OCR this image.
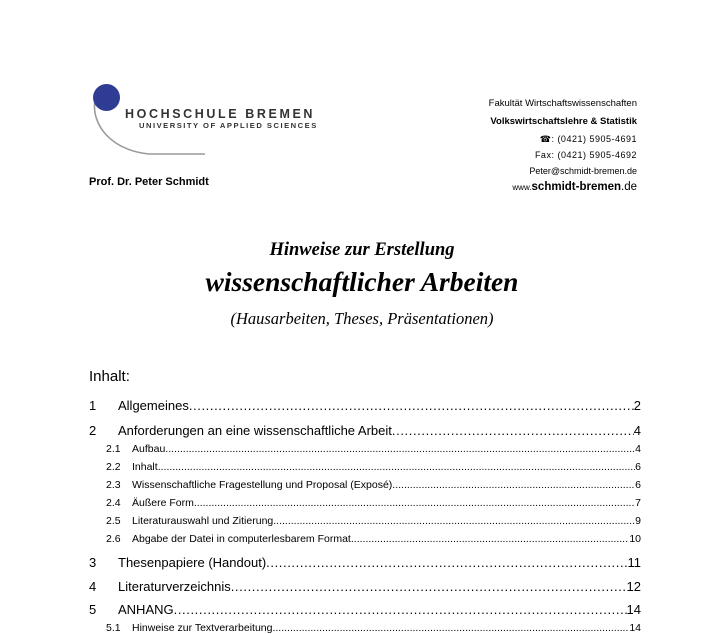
HOCHSCHULE BREMEN
UNIVERSITY OF APPLIED SCIENCES
Prof. Dr. Peter Schmidt
Fakultät Wirtschaftswissenschaften
Volkswirtschaftslehre & Statistik
☎: (0421) 5905-4691
Fax: (0421) 5905-4692
Peter@schmidt-bremen.de
www.schmidt-bremen.de
Hinweise zur Erstellung
wissenschaftlicher Arbeiten
(Hausarbeiten, Theses, Präsentationen)
Inhalt:
1	Allgemeines .....	2
2	Anforderungen an eine wissenschaftliche Arbeit .....	4
2.1	Aufbau .....	4
2.2	Inhalt .....	6
2.3	Wissenschaftliche Fragestellung und Proposal (Exposé) .....	6
2.4	Äußere Form .....	7
2.5	Literaturauswahl und Zitierung .....	9
2.6	Abgabe der Datei in computerlesbarem Format .....	10
3	Thesenpapiere (Handout) .....	11
4	Literaturverzeichnis .....	12
5	ANHANG .....	14
5.1	Hinweise zur Textverarbeitung .....	14
